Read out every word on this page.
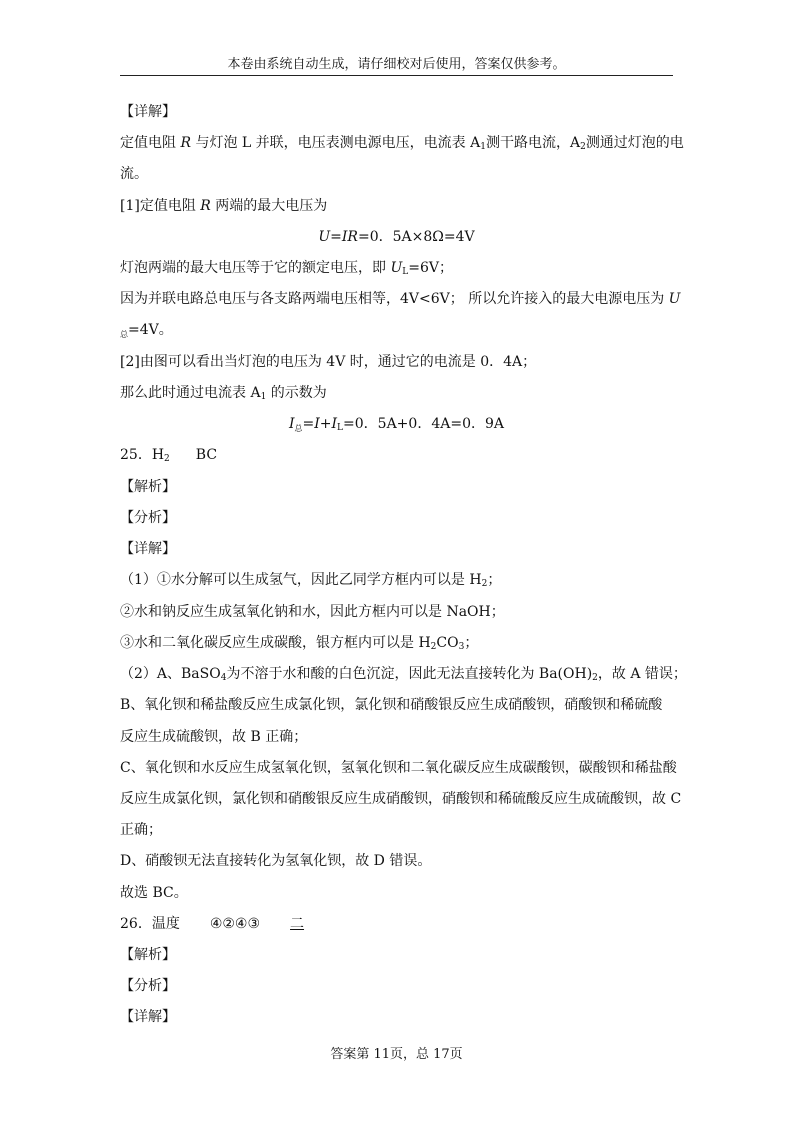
本卷由系统自动生成，请仔细校对后使用，答案仅供参考。
【详解】
定值电阻 R 与灯泡 L 并联，电压表测电源电压，电流表 $A_1$测干路电流，$A_2$测通过灯泡的电
流。
[1]定值电阻 R 两端的最大电压为
U=IR=0．5A×8Ω=4V
灯泡两端的最大电压等于它的额定电压，即 $U_L=6V$；
因为并联电路总电压与各支路两端电压相等，4V<6V； 所以允许接入的最大电源电压为 U
$_总$=4V。
[2]由图可以看出当灯泡的电压为 4V 时，通过它的电流是 0．4A；
那么此时通过电流表 $A_1$ 的示数为
$I_总=I+I_L=0$．5A+0．4A=0．9A
25．$H_2$ BC
【解析】
【分析】
【详解】
（1）①水分解可以生成氢气，因此乙同学方框内可以是 $H_2$；
②水和钠反应生成氢氧化钠和水，因此方框内可以是 NaOH；
③水和二氧化碳反应生成碳酸，银方框内可以是 $H_2CO_3$；
（2）A、BaSO$_4$为不溶于水和酸的白色沉淀，因此无法直接转化为 $Ba(OH)_2$，故 A 错误；
B、氧化钡和稀盐酸反应生成氯化钡，氯化钡和硝酸银反应生成硝酸钡，硝酸钡和稀硫酸
反应生成硫酸钡，故 B 正确；
C、氧化钡和水反应生成氢氧化钡，氢氧化钡和二氧化碳反应生成碳酸钡，碳酸钡和稀盐酸
反应生成氯化钡，氯化钡和硝酸银反应生成硝酸钡，硝酸钡和稀硫酸反应生成硫酸钡，故 C
正确；
D、硝酸钡无法直接转化为氢氧化钡，故 D 错误。
故选 BC。
26．温度 ④②④③ 二
【解析】
【分析】
【详解】
答案第 11页，总 17页
